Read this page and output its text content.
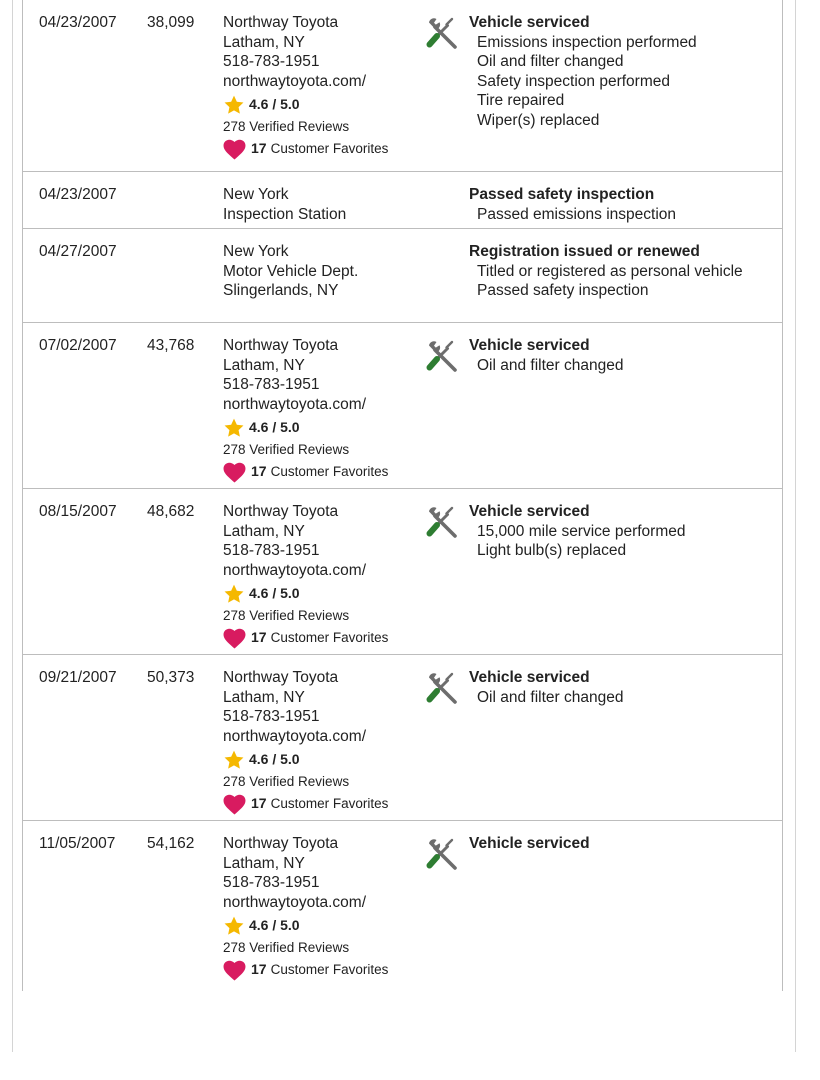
04/23/2007 38,099 Northway Toyota
Latham, NY
518-783-1951
northwaytoyota.com/
4.6 / 5.0
278 Verified Reviews
17 Customer Favorites
Vehicle serviced
Emissions inspection performed
Oil and filter changed
Safety inspection performed
Tire repaired
Wiper(s) replaced
04/23/2007	New York
Inspection Station
Passed safety inspection
Passed emissions inspection
04/27/2007	New York
Motor Vehicle Dept.
Slingerlands, NY
Registration issued or renewed
Titled or registered as personal vehicle
Passed safety inspection
07/02/2007 43,768 Northway Toyota
Latham, NY
518-783-1951
northwaytoyota.com/
4.6 / 5.0
278 Verified Reviews
17 Customer Favorites
Vehicle serviced
Oil and filter changed
08/15/2007 48,682 Northway Toyota
Latham, NY
518-783-1951
northwaytoyota.com/
4.6 / 5.0
278 Verified Reviews
17 Customer Favorites
Vehicle serviced
15,000 mile service performed
Light bulb(s) replaced
09/21/2007 50,373 Northway Toyota
Latham, NY
518-783-1951
northwaytoyota.com/
4.6 / 5.0
278 Verified Reviews
17 Customer Favorites
Vehicle serviced
Oil and filter changed
11/05/2007 54,162 Northway Toyota
Latham, NY
518-783-1951
northwaytoyota.com/
4.6 / 5.0
278 Verified Reviews
17 Customer Favorites
Vehicle serviced
